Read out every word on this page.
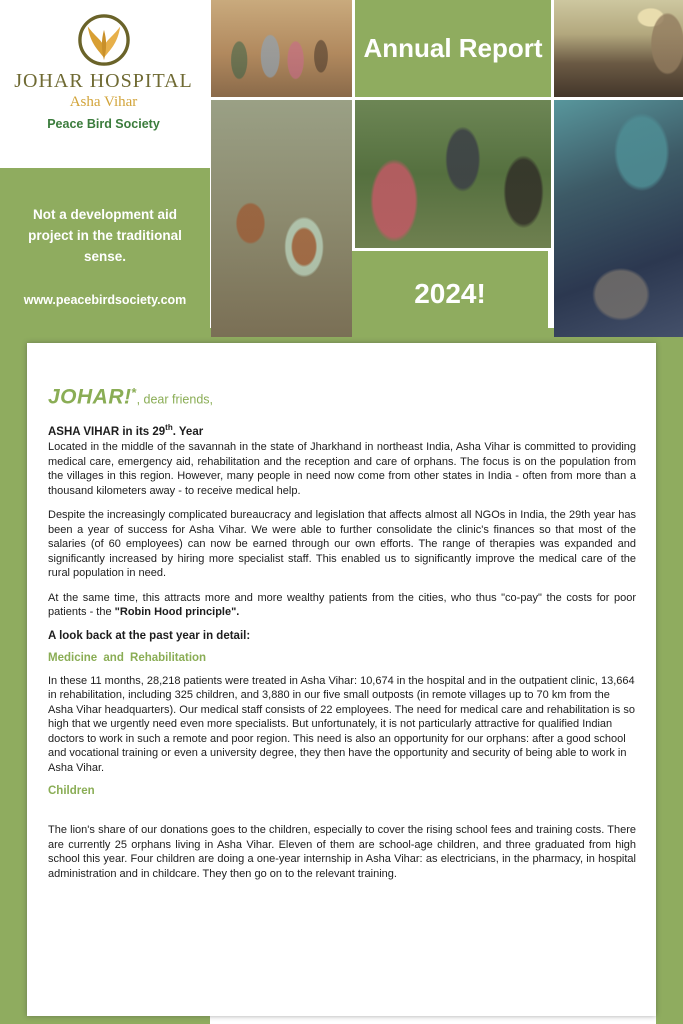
Not a development aid project in the traditional sense.
www.peacebirdsociety.com
JOHAR HOSPITAL
Asha Vihar
Peace Bird Society
Annual Report
2024!
JOHAR!*, dear friends,
ASHA VIHAR in its 29th. Year

Located in the middle of the savannah in the state of Jharkhand in northeast India, Asha Vihar is committed to providing medical care, emergency aid, rehabilitation and the reception and care of orphans. The focus is on the population from the villages in this region. However, many people in need now come from other states in India - often from more than a thousand kilometers away - to receive medical help.

Despite the increasingly complicated bureaucracy and legislation that affects almost all NGOs in India, the 29th year has been a year of success for Asha Vihar. We were able to further consolidate the clinic's finances so that most of the salaries (of 60 employees) can now be earned through our own efforts. The range of therapies was expanded and significantly increased by hiring more specialist staff. This enabled us to significantly improve the medical care of the rural population in need.

At the same time, this attracts more and more wealthy patients from the cities, who thus "co-pay" the costs for poor patients - the "Robin Hood principle".

A look back at the past year in detail:
Medicine and Rehabilitation

In these 11 months, 28,218 patients were treated in Asha Vihar: 10,674 in the hospital and in the outpatient clinic, 13,664 in rehabilitation, including 325 children, and 3,880 in our five small outposts (in remote villages up to 70 km from the Asha Vihar headquarters). Our medical staff consists of 22 employees. The need for medical care and rehabilitation is so high that we urgently need even more specialists. But unfortunately, it is not particularly attractive for qualified Indian doctors to work in such a remote and poor region. This need is also an opportunity for our orphans: after a good school and vocational training or even a university degree, they then have the opportunity and security of being able to work in Asha Vihar.

Children

The lion's share of our donations goes to the children, especially to cover the rising school fees and training costs. There are currently 25 orphans living in Asha Vihar. Eleven of them are school-age children, and three graduated from high school this year. Four children are doing a one-year internship in Asha Vihar: as electricians, in the pharmacy, in hospital administration and in childcare. They then go on to the relevant training.
